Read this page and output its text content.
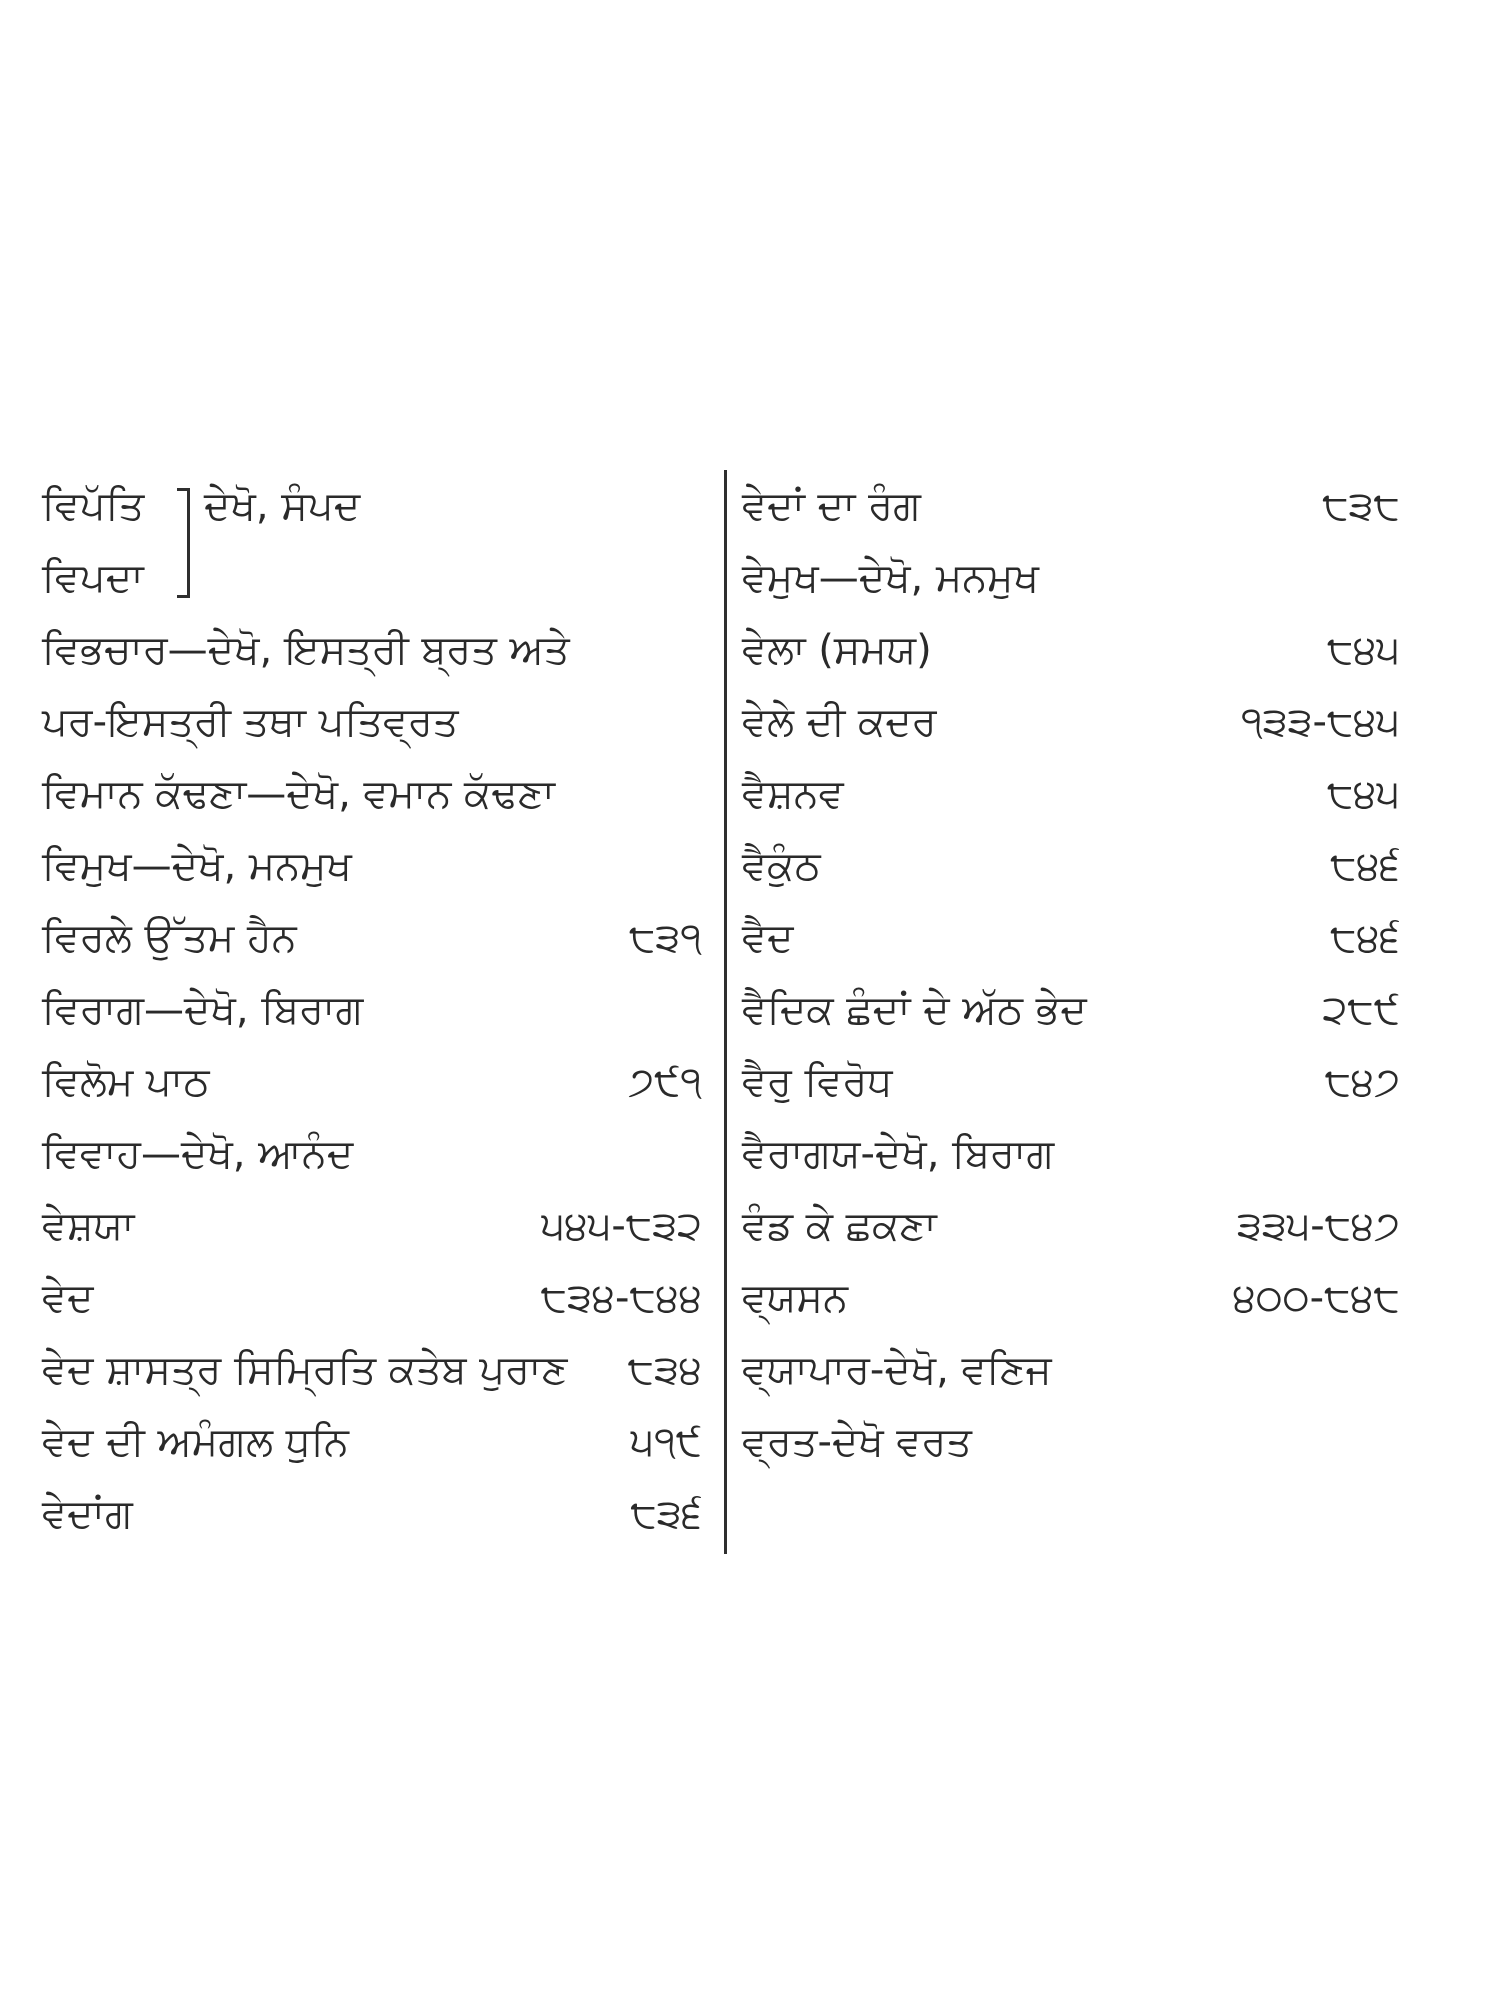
ਵਿਪੱਤਿ
ਵਿਪਦਾ
ਦੇਖੋ, ਸੰਪਦ
ਵਿਭਚਾਰ—ਦੇਖੋ, ਇਸਤ੍ਰੀ ਬ੍ਰਤ ਅਤੇ
ਪਰ-ਇਸਤ੍ਰੀ ਤਥਾ ਪਤਿਵ੍ਰਤ
ਵਿਮਾਨ ਕੱਢਣਾ—ਦੇਖੋ, ਵਮਾਨ ਕੱਢਣਾ
ਵਿਮੁਖ—ਦੇਖੋ, ਮਨਮੁਖ
ਵਿਰਲੇ ਉੱਤਮ ਹੈਨ	੮੩੧
ਵਿਰਾਗ—ਦੇਖੋ, ਬਿਰਾਗ
ਵਿਲੋਮ ਪਾਠ	੭੯੧
ਵਿਵਾਹ—ਦੇਖੋ, ਆਨੰਦ
ਵੇਸ਼ਯਾ	੫੪੫-੮੩੨
ਵੇਦ	੮੩੪-੮੪੪
ਵੇਦ ਸ਼ਾਸਤ੍ਰ ਸਿਮ੍ਰਿਤਿ ਕਤੇਬ ਪੁਰਾਣ ੮੩੪
ਵੇਦ ਦੀ ਅਮੰਗਲ ਧੁਨਿ	੫੧੯
ਵੇਦਾਂਗ	੮੩੬
ਵੇਦਾਂ ਦਾ ਰੰਗ	੮੩੮
ਵੇਮੁਖ—ਦੇਖੋ, ਮਨਮੁਖ
ਵੇਲਾ (ਸਮਯ)	੮੪੫
ਵੇਲੇ ਦੀ ਕਦਰ	੧੩੩-੮੪੫
ਵੈਸ਼ਨਵ	੮੪੫
ਵੈਕੁੰਠ	੮੪੬
ਵੈਦ	੮੪੬
ਵੈਦਿਕ ਛੰਦਾਂ ਦੇ ਅੱਠ ਭੇਦ	੨੮੯
ਵੈਰੁ ਵਿਰੋਧ	੮੪੭
ਵੈਰਾਗਯ-ਦੇਖੋ, ਬਿਰਾਗ
ਵੰਡ ਕੇ ਛਕਣਾ	੩੩੫-੮੪੭
ਵ੍ਯਸਨ	੪੦੦-੮੪੮
ਵ੍ਯਾਪਾਰ-ਦੇਖੋ, ਵਣਿਜ
ਵ੍ਰਤ-ਦੇਖੋ ਵਰਤ
